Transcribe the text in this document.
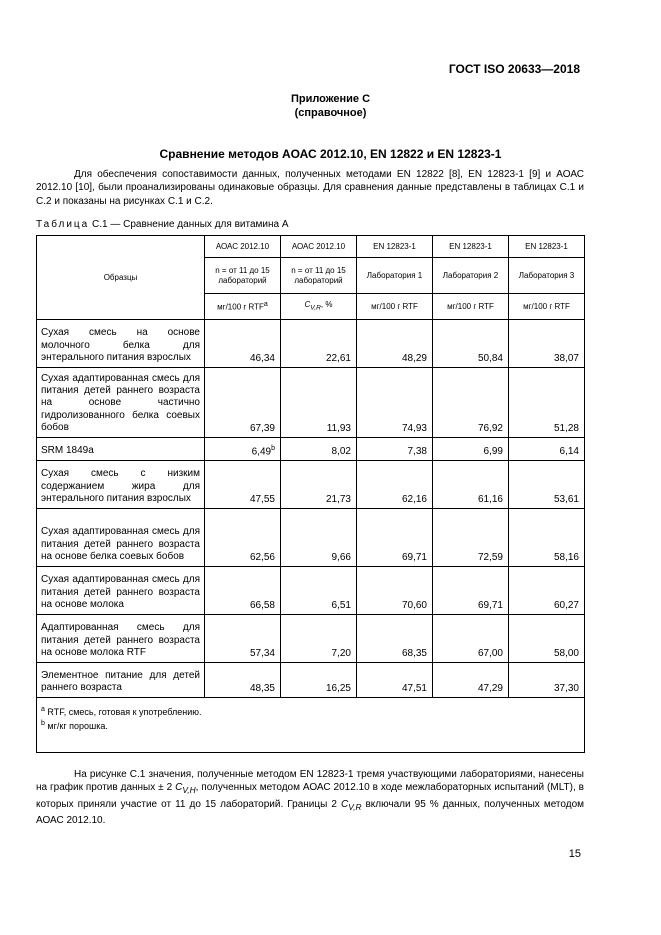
ГОСТ ISO 20633—2018
Приложение С
(справочное)
Сравнение методов АОАС 2012.10, EN 12822 и EN 12823-1
Для обеспечения сопоставимости данных, полученных методами EN 12822 [8], EN 12823-1 [9] и АОАС 2012.10 [10], были проанализированы одинаковые образцы. Для сравнения данные представлены в таблицах С.1 и С.2 и показаны на рисунках С.1 и С.2.
Таблица С.1 — Сравнение данных для витамина А
Образцы	АОАС 2012.10	АОАС 2012.10	EN 12823-1	EN 12823-1	EN 12823-1
	n = от 11 до 15 лабораторий	n = от 11 до 15 лабораторий	Лаборатория 1	Лаборатория 2	Лаборатория 3
	мг/100 г RTF$^a$	$C_{V,R}$, %	мг/100 г RTF	мг/100 г RTF	мг/100 г RTF
Сухая смесь на основе молочного белка для энтерального питания взрослых	46,34	22,61	48,29	50,84	38,07
Сухая адаптированная смесь для питания детей раннего возраста на основе частично гидролизованного белка соевых бобов	67,39	11,93	74,93	76,92	51,28
SRM 1849a	6,49$^b$	8,02	7,38	6,99	6,14
Сухая смесь с низким содержанием жира для энтерального питания взрослых	47,55	21,73	62,16	61,16	53,61
Сухая адаптированная смесь для питания детей раннего возраста на основе белка соевых бобов	62,56	9,66	69,71	72,59	58,16
Сухая адаптированная смесь для питания детей раннего возраста на основе молока	66,58	6,51	70,60	69,71	60,27
Адаптированная смесь для питания детей раннего возраста на основе молока RTF	57,34	7,20	68,35	67,00	58,00
Элементное питание для детей раннего возраста	48,35	16,25	47,51	47,29	37,30

$^a$ RTF, смесь, готовая к употреблению.
$^b$ мг/кг порошка.					
На рисунке С.1 значения, полученные методом EN 12823-1 тремя участвующими лабораториями, нанесены на график против данных ± 2 $C_{V,H}$, полученных методом АОАС 2012.10 в ходе межлабораторных испытаний (MLT), в которых приняли участие от 11 до 15 лабораторий. Границы 2 $C_{V,R}$ включали 95 % данных, полученных методом АОАС 2012.10.
15
